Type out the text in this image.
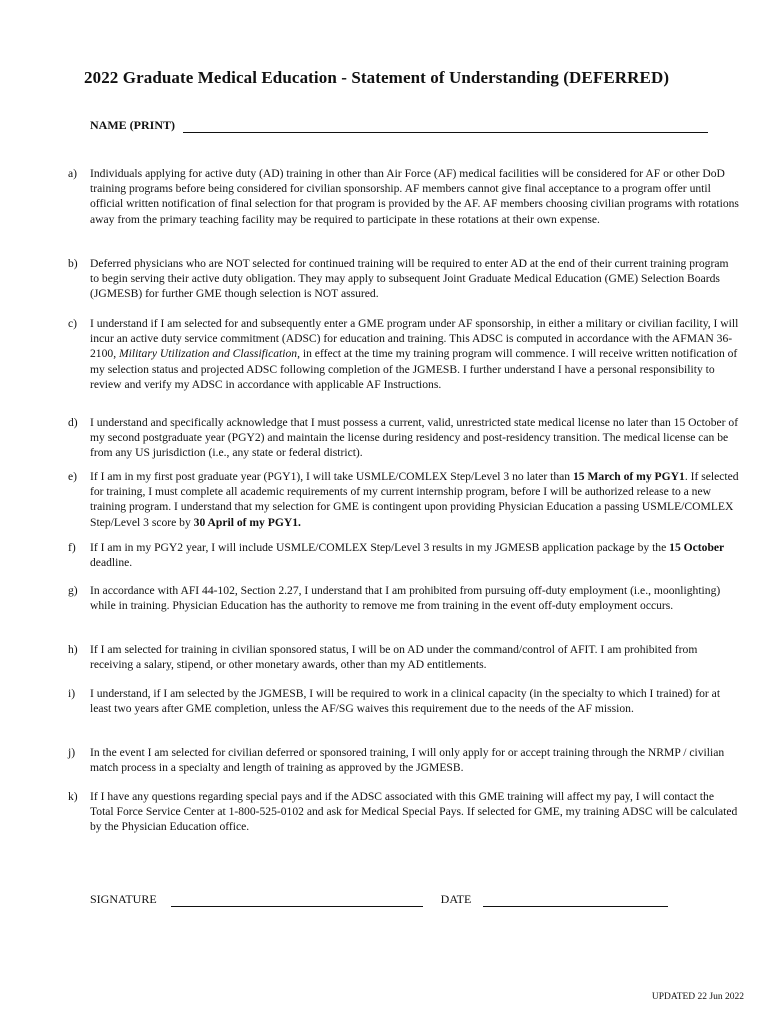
2022 Graduate Medical Education - Statement of Understanding (DEFERRED)
NAME (PRINT)
a)	Individuals applying for active duty (AD) training in other than Air Force (AF) medical facilities will be considered for AF or other DoD training programs before being considered for civilian sponsorship. AF members cannot give final acceptance to a program offer until official written notification of final selection for that program is provided by the AF. AF members choosing civilian programs with rotations away from the primary teaching facility may be required to participate in these rotations at their own expense.
b)	Deferred physicians who are NOT selected for continued training will be required to enter AD at the end of their current training program to begin serving their active duty obligation. They may apply to subsequent Joint Graduate Medical Education (GME) Selection Boards (JGMESB) for further GME though selection is NOT assured.
c)	I understand if I am selected for and subsequently enter a GME program under AF sponsorship, in either a military or civilian facility, I will incur an active duty service commitment (ADSC) for education and training. This ADSC is computed in accordance with the AFMAN 36-2100, Military Utilization and Classification, in effect at the time my training program will commence. I will receive written notification of my selection status and projected ADSC following completion of the JGMESB. I further understand I have a personal responsibility to review and verify my ADSC in accordance with applicable AF Instructions.
d)	I understand and specifically acknowledge that I must possess a current, valid, unrestricted state medical license no later than 15 October of my second postgraduate year (PGY2) and maintain the license during residency and post-residency transition. The medical license can be from any US jurisdiction (i.e., any state or federal district).
e)	If I am in my first post graduate year (PGY1), I will take USMLE/COMLEX Step/Level 3 no later than 15 March of my PGY1. If selected for training, I must complete all academic requirements of my current internship program, before I will be authorized release to a new training program. I understand that my selection for GME is contingent upon providing Physician Education a passing USMLE/COMLEX Step/Level 3 score by 30 April of my PGY1.
f)	If I am in my PGY2 year, I will include USMLE/COMLEX Step/Level 3 results in my JGMESB application package by the 15 October deadline.
g)	In accordance with AFI 44-102, Section 2.27, I understand that I am prohibited from pursuing off-duty employment (i.e., moonlighting) while in training. Physician Education has the authority to remove me from training in the event off-duty employment occurs.
h)	If I am selected for training in civilian sponsored status, I will be on AD under the command/control of AFIT. I am prohibited from receiving a salary, stipend, or other monetary awards, other than my AD entitlements.
i)	I understand, if I am selected by the JGMESB, I will be required to work in a clinical capacity (in the specialty to which I trained) for at least two years after GME completion, unless the AF/SG waives this requirement due to the needs of the AF mission.
j)	In the event I am selected for civilian deferred or sponsored training, I will only apply for or accept training through the NRMP / civilian match process in a specialty and length of training as approved by the JGMESB.
k)	If I have any questions regarding special pays and if the ADSC associated with this GME training will affect my pay, I will contact the Total Force Service Center at 1-800-525-0102 and ask for Medical Special Pays. If selected for GME, my training ADSC will be calculated by the Physician Education office.
SIGNATURE	DATE
UPDATED 22 Jun 2022
